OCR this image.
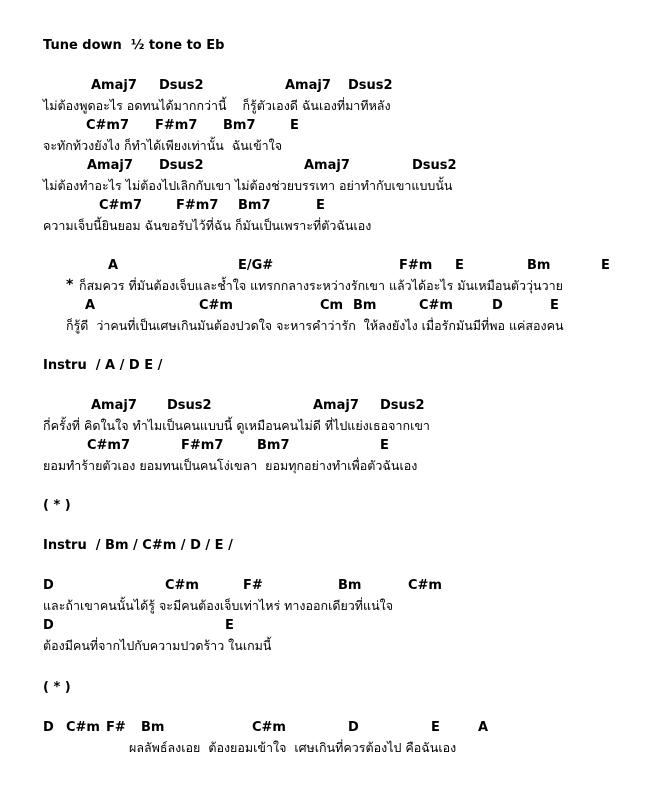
Tune down  ½ tone to Eb
Amaj7 Dsus2	Amaj7 Dsus2
ไม่ต้องพูดอะไร อดทนได้มากกว่านี้    ก็รู้ตัวเองดี ฉันเองที่มาทีหลัง
C#m7 F#m7 Bm7	E
จะทักท้วงยังไง ก็ทำได้เพียงเท่านั้น  ฉันเข้าใจ
Amaj7 Dsus2	Amaj7	Dsus2
ไม่ต้องทำอะไร ไม่ต้องไปเลิกกับเขา ไม่ต้องช่วยบรรเทา อย่าทำกับเขาแบบนั้น
C#m7	F#m7 Bm7	E
ความเจ็บนี้ยินยอม ฉันขอรับไว้ที่ฉัน ก็มันเป็นเพราะที่ตัวฉันเอง
A	E/G#	F#m E	Bm	E
* ก็สมควร ที่มันต้องเจ็บและช้ำใจ แทรกกลางระหว่างรักเขา แล้วได้อะไร มันเหมือนตัววุ่นวาย
A	C#m	Cm Bm	C#m	D	E
ก็รู้ดี  ว่าคนที่เป็นเศษเกินมันต้องปวดใจ จะหารคำว่ารัก  ให้ลงยังไง เมื่อรักมันมีที่พอ แค่สองคน
Instru  / A / D E /
Amaj7 Dsus2	Amaj7 Dsus2
กี่ครั้งที่ คิดในใจ ทำไมเป็นคนแบบนี้ ดูเหมือนคนไม่ดี ที่ไปแย่งเธอจากเขา
C#m7	F#m7	Bm7	E
ยอมทำร้ายตัวเอง ยอมทนเป็นคนโง่เขลา  ยอมทุกอย่างทำเพื่อตัวฉันเอง
( * )
Instru  / Bm / C#m / D / E /
D	C#m	F#	Bm	C#m
และถ้าเขาคนนั้นได้รู้ จะมีคนต้องเจ็บเท่าไหร่ ทางออกเดียวที่แน่ใจ
D	E
ต้องมีคนที่จากไปกับความปวดร้าว ในเกมนี้
( * )
D C#m F# Bm	C#m	D	E	A
ผลลัพธ์ลงเอย  ต้องยอมเข้าใจ  เศษเกินที่ควรต้องไป คือฉันเอง
